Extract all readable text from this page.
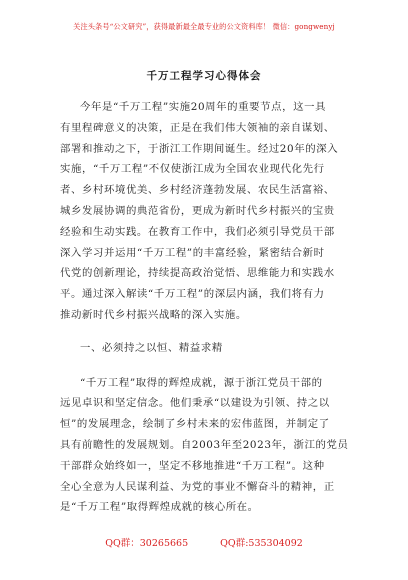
关注头条号“公文研究”，获得最新最全最专业的公文资料库！ 微信：gongwenyj
千万工程学习心得体会
今年是“千万工程”实施20周年的重要节点，这一具
有里程碑意义的决策，正是在我们伟大领袖的亲自谋划、
部署和推动之下，于浙江工作期间诞生。经过20年的深入
实施，“千万工程”不仅使浙江成为全国农业现代化先行
者、乡村环境优美、乡村经济蓬勃发展、农民生活富裕、
城乡发展协调的典范省份，更成为新时代乡村振兴的宝贵
经验和生动实践。在教育工作中，我们必须引导党员干部
深入学习并运用“千万工程”的丰富经验，紧密结合新时
代党的创新理论，持续提高政治觉悟、思维能力和实践水
平。通过深入解读“千万工程”的深层内涵，我们将有力
推动新时代乡村振兴战略的深入实施。
一、必须持之以恒、精益求精
“千万工程”取得的辉煌成就，源于浙江党员干部的
远见卓识和坚定信念。他们秉承“以建设为引领、持之以
恒”的发展理念，绘制了乡村未来的宏伟蓝图，并制定了
具有前瞻性的发展规划。自2003年至2023年，浙江的党员
干部群众始终如一，坚定不移地推进“千万工程”。这种
全心全意为人民谋利益、为党的事业不懈奋斗的精神，正
是“千万工程”取得辉煌成就的核心所在。
QQ群：30265665	QQ群:535304092
